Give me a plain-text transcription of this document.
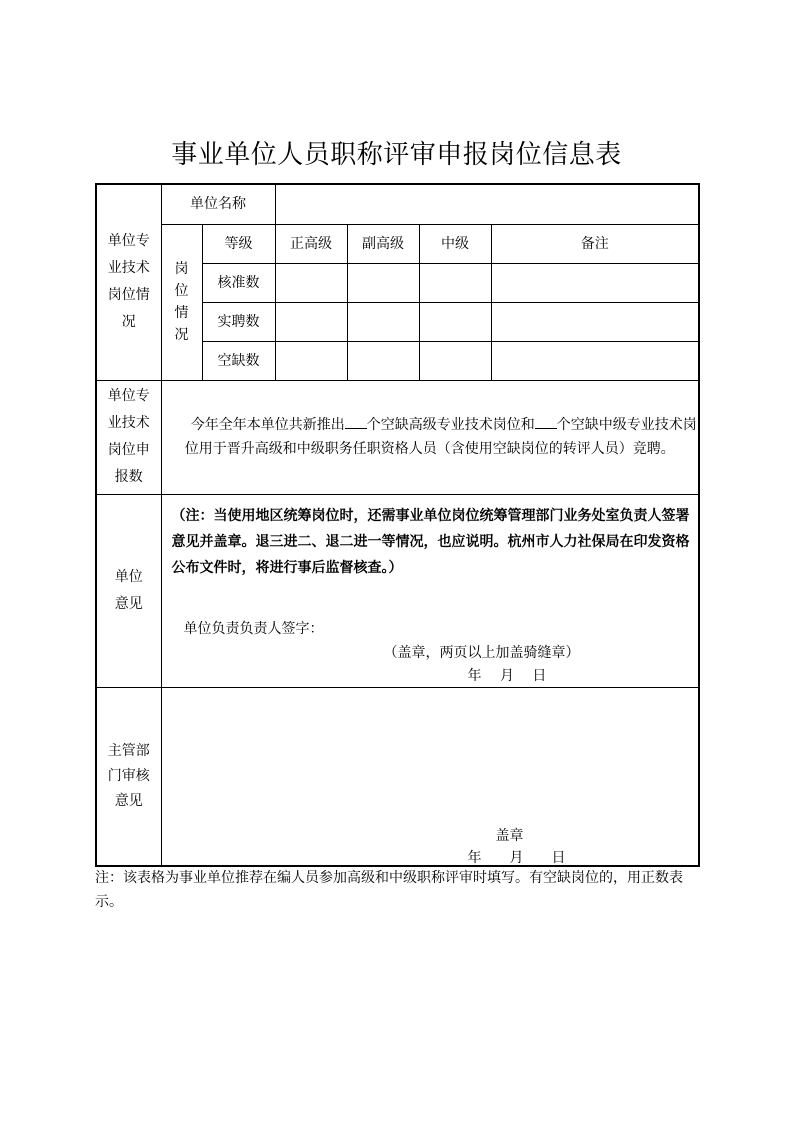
事业单位人员职称评审申报岗位信息表
单位专业技术岗位情况	单位名称					
	岗位情况	等级	正高级	副高级	中级	备注
		核准数				
		实聘数				
		空缺数				
单位专业技术岗位申报数	今年全年本单位共新推出 个空缺高级专业技术岗位和 个空缺中级专业技术岗位用于晋升高级和中级职务任职资格人员（含使用空缺岗位的转评人员）竞聘。					
单位意见	（注：当使用地区统筹岗位时，还需事业单位岗位统筹管理部门业务处室负责人签署意见并盖章。退三进二、退二进一等情况，也应说明。杭州市人力社保局在印发资格公布文件时，将进行事后监督核查。）
单位负责负责人签字：
（盖章，两页以上加盖骑缝章）
年　 月　 日					

主管部门审核意见	盖章
年　　月　　日					
注：该表格为事业单位推荐在编人员参加高级和中级职称评审时填写。有空缺岗位的，用正数表示。
